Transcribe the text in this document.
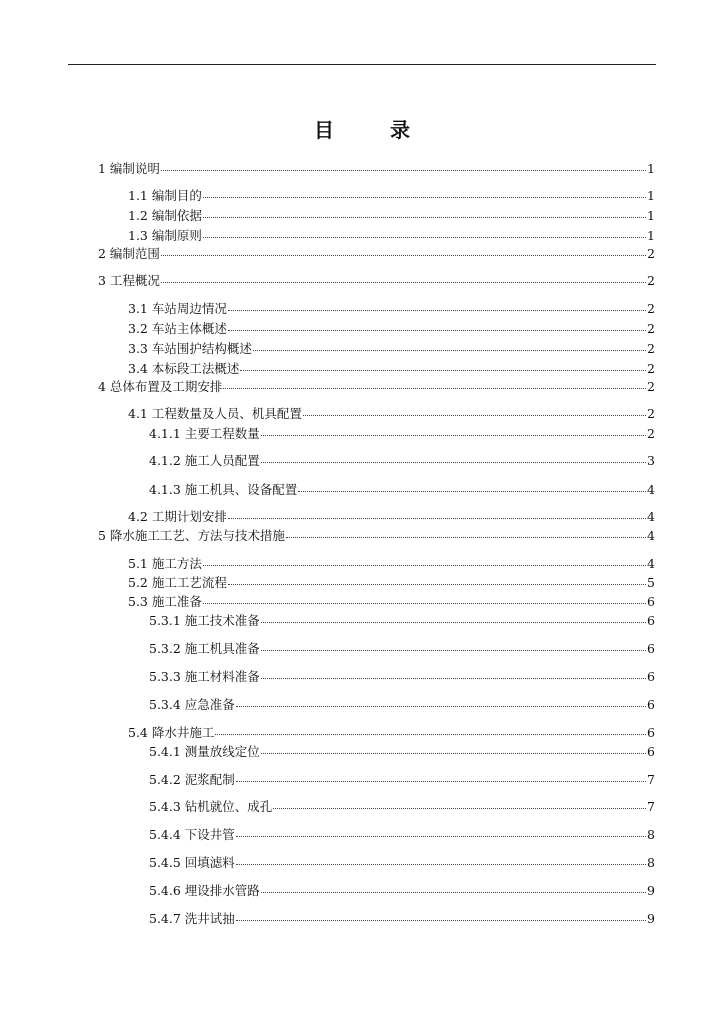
目　录
1 编制说明	1
1.1 编制目的	1
1.2 编制依据	1
1.3 编制原则	1
2 编制范围	2
3 工程概况	2
3.1 车站周边情况	2
3.2 车站主体概述	2
3.3 车站围护结构概述	2
3.4 本标段工法概述	2
4 总体布置及工期安排	2
4.1 工程数量及人员、机具配置	2
4.1.1 主要工程数量	2
4.1.2 施工人员配置	3
4.1.3 施工机具、设备配置	4
4.2 工期计划安排	4
5 降水施工工艺、方法与技术措施	4
5.1 施工方法	4
5.2 施工工艺流程	5
5.3 施工准备	6
5.3.1 施工技术准备	6
5.3.2 施工机具准备	6
5.3.3 施工材料准备	6
5.3.4 应急准备	6
5.4 降水井施工	6
5.4.1 测量放线定位	6
5.4.2 泥浆配制	7
5.4.3 钻机就位、成孔	7
5.4.4 下设井管	8
5.4.5 回填滤料	8
5.4.6 埋设排水管路	9
5.4.7 洗井试抽	9
